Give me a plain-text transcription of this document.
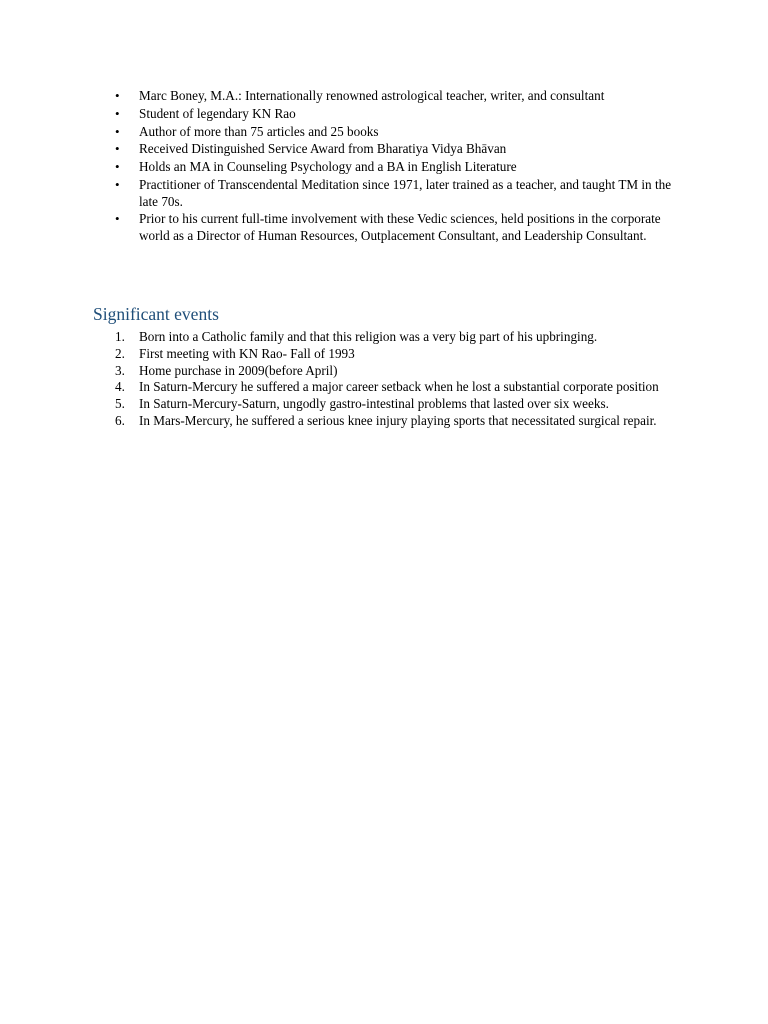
•	Marc Boney, M.A.: Internationally renowned astrological teacher, writer, and consultant
•	Student of legendary KN Rao
•	Author of more than 75 articles and 25 books
•	Received Distinguished Service Award from Bharatiya Vidya Bhāvan
•	Holds an MA in Counseling Psychology and a BA in English Literature
•	Practitioner of Transcendental Meditation since 1971, later trained as a teacher, and taught TM in the late 70s.
•	Prior to his current full-time involvement with these Vedic sciences, held positions in the corporate world as a Director of Human Resources, Outplacement Consultant, and Leadership Consultant.
Significant events
1.	Born into a Catholic family and that this religion was a very big part of his upbringing.
2.	First meeting with KN Rao- Fall of 1993
3.	Home purchase in 2009(before April)
4.	In Saturn-Mercury he suffered a major career setback when he lost a substantial corporate position
5.	In Saturn-Mercury-Saturn, ungodly gastro-intestinal problems that lasted over six weeks.
6.	In Mars-Mercury, he suffered a serious knee injury playing sports that necessitated surgical repair.
